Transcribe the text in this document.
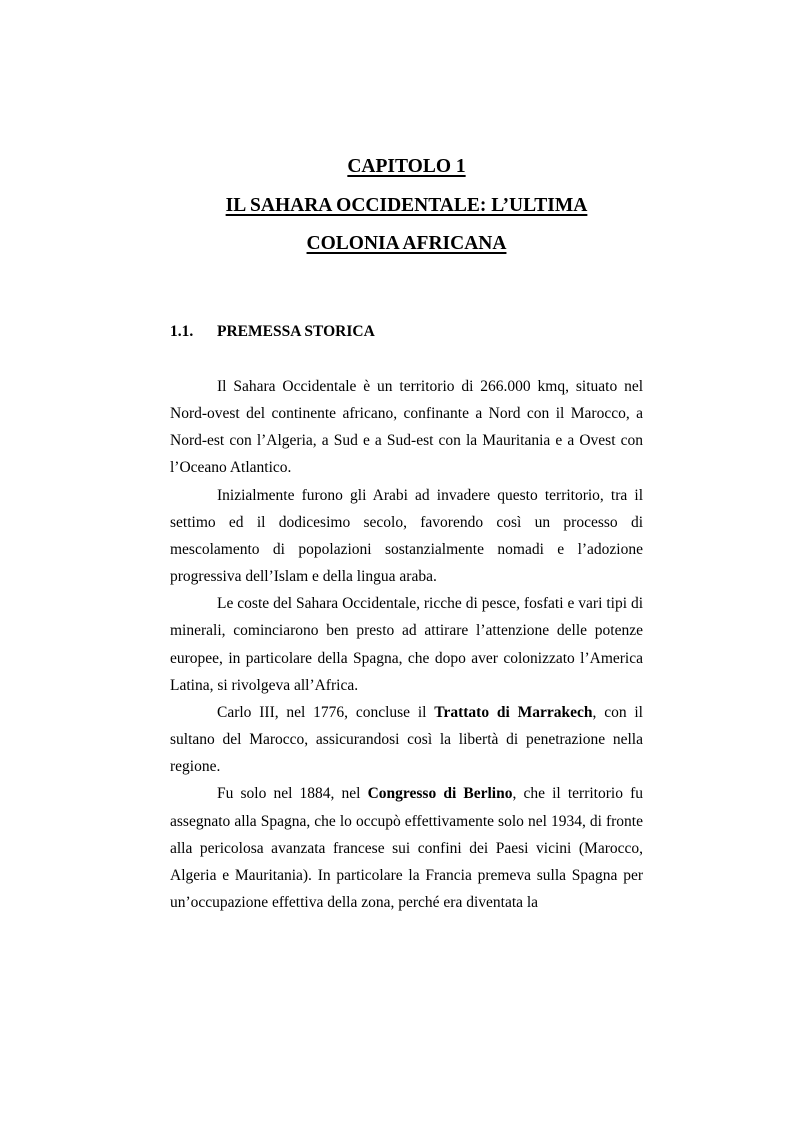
CAPITOLO 1
IL SAHARA OCCIDENTALE: L’ULTIMA
COLONIA AFRICANA
1.1. PREMESSA STORICA

Il Sahara Occidentale è un territorio di 266.000 kmq, situato nel Nord-ovest del continente africano, confinante a Nord con il Marocco, a Nord-est con l’Algeria, a Sud e a Sud-est con la Mauritania e a Ovest con l’Oceano Atlantico.

Inizialmente furono gli Arabi ad invadere questo territorio, tra il settimo ed il dodicesimo secolo, favorendo così un processo di mescolamento di popolazioni sostanzialmente nomadi e l’adozione progressiva dell’Islam e della lingua araba.

Le coste del Sahara Occidentale, ricche di pesce, fosfati e vari tipi di minerali, cominciarono ben presto ad attirare l’attenzione delle potenze europee, in particolare della Spagna, che dopo aver colonizzato l’America Latina, si rivolgeva all’Africa.

Carlo III, nel 1776, concluse il Trattato di Marrakech, con il sultano del Marocco, assicurandosi così la libertà di penetrazione nella regione.

Fu solo nel 1884, nel Congresso di Berlino, che il territorio fu assegnato alla Spagna, che lo occupò effettivamente solo nel 1934, di fronte alla pericolosa avanzata francese sui confini dei Paesi vicini (Marocco, Algeria e Mauritania). In particolare la Francia premeva sulla Spagna per un’occupazione effettiva della zona, perché era diventata la
